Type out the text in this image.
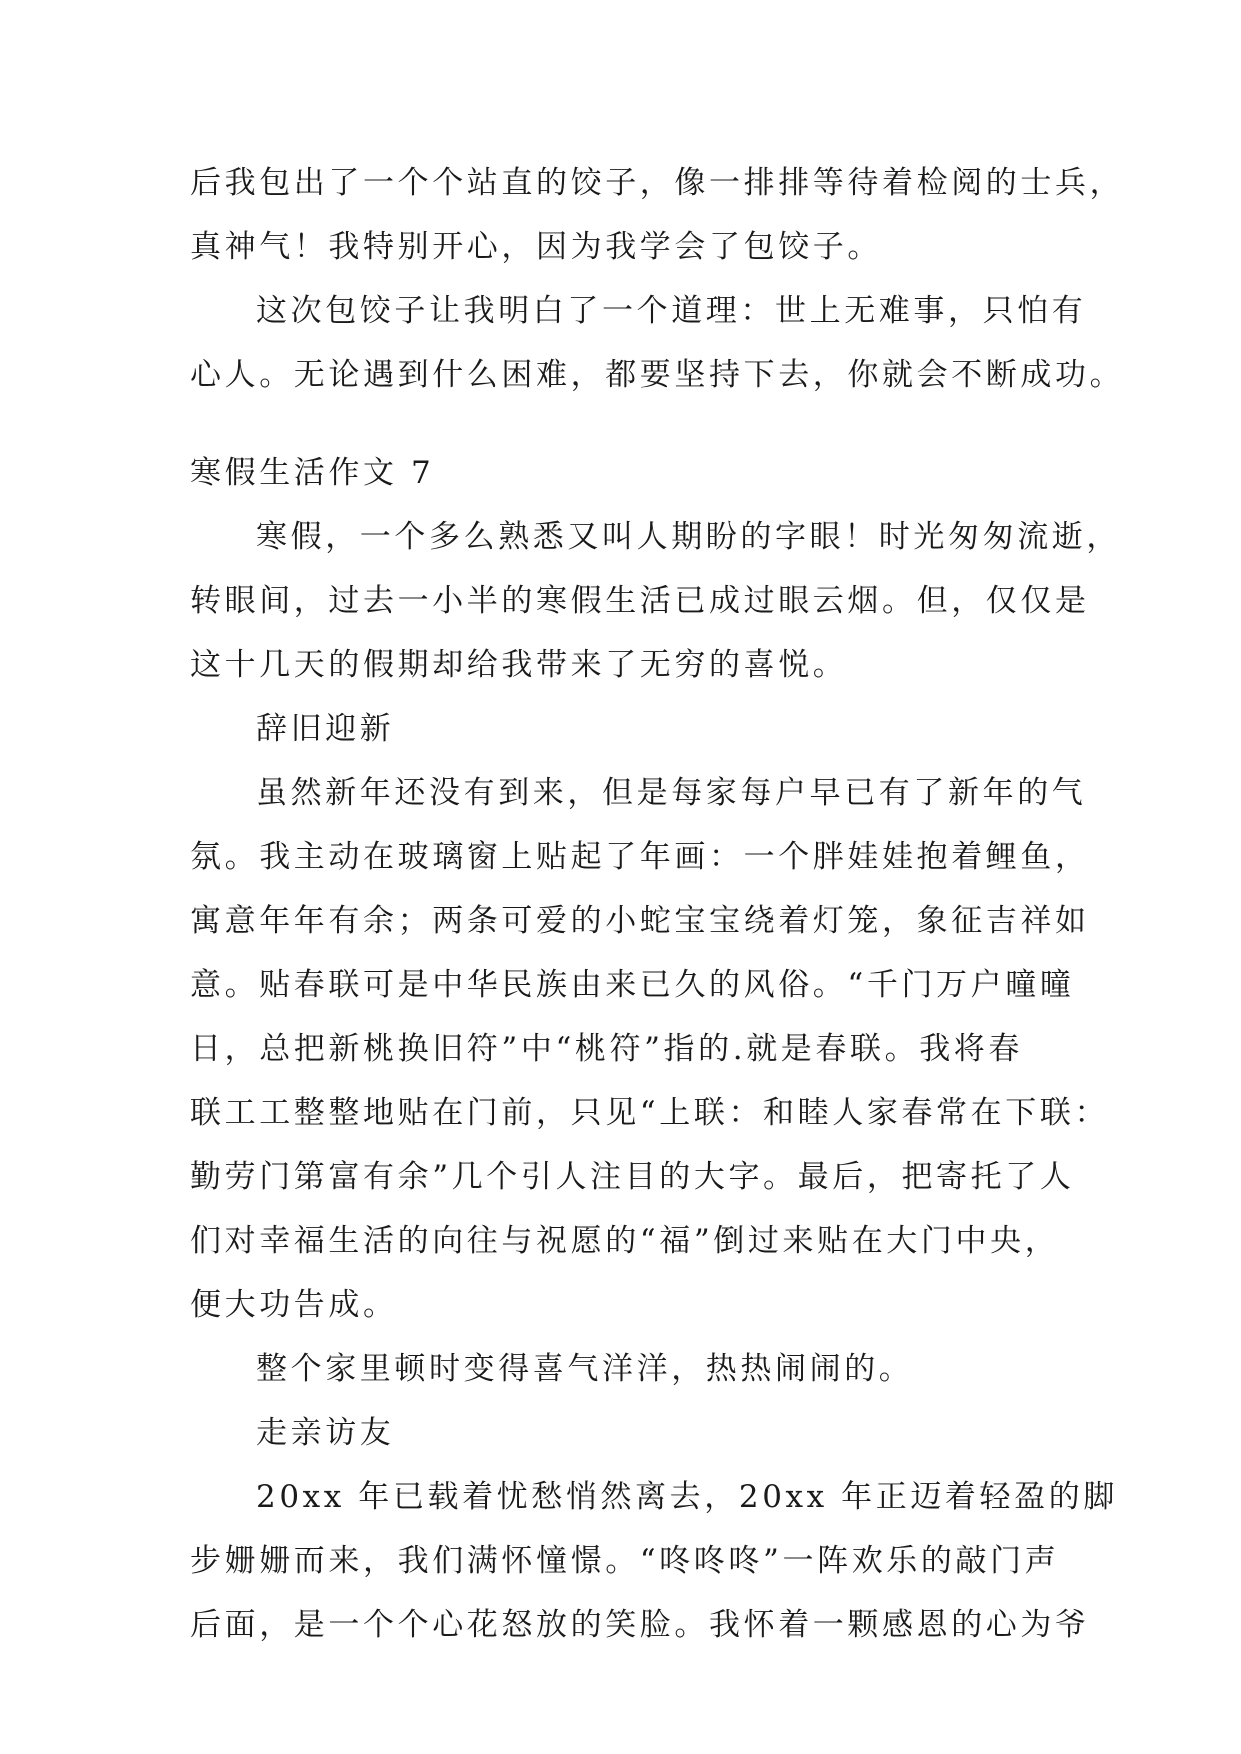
后我包出了一个个站直的饺子，像一排排等待着检阅的士兵，
真神气！我特别开心，因为我学会了包饺子。
这次包饺子让我明白了一个道理：世上无难事，只怕有
心人。无论遇到什么困难，都要坚持下去，你就会不断成功。
寒假生活作文 7
寒假，一个多么熟悉又叫人期盼的字眼！时光匆匆流逝，
转眼间，过去一小半的寒假生活已成过眼云烟。但，仅仅是
这十几天的假期却给我带来了无穷的喜悦。
辞旧迎新
虽然新年还没有到来，但是每家每户早已有了新年的气
氛。我主动在玻璃窗上贴起了年画：一个胖娃娃抱着鲤鱼，
寓意年年有余；两条可爱的小蛇宝宝绕着灯笼，象征吉祥如
意。贴春联可是中华民族由来已久的风俗。“千门万户曈曈
日，总把新桃换旧符”中“桃符”指的.就是春联。我将春
联工工整整地贴在门前，只见“上联：和睦人家春常在下联：
勤劳门第富有余”几个引人注目的大字。最后，把寄托了人
们对幸福生活的向往与祝愿的“福”倒过来贴在大门中央，
便大功告成。
整个家里顿时变得喜气洋洋，热热闹闹的。
走亲访友
20xx 年已载着忧愁悄然离去，20xx 年正迈着轻盈的脚
步姗姗而来，我们满怀憧憬。“咚咚咚”一阵欢乐的敲门声
后面，是一个个心花怒放的笑脸。我怀着一颗感恩的心为爷
